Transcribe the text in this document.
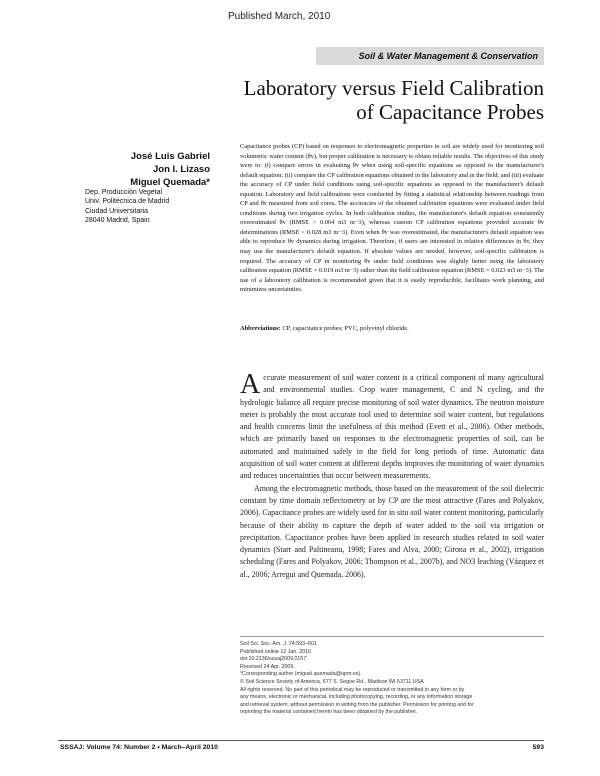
Published March, 2010
Soil & Water Management & Conservation
Laboratory versus Field Calibration
of Capacitance Probes
José Luis Gabriel
Jon I. Lizaso
Miguel Quemada*
Dep. Producción Vegetal
Univ. Politécnica de Madrid
Ciudad Universitaria
28040 Madrid, Spain

Capacitance probes (CP) based on responses to electromagnetic properties in soil are widely used for monitoring soil volumetric water content (θv), but proper calibration is necessary to obtain reliable results. The objectives of this study were to: (i) compare errors in evaluating θv when using soil-specific equations as opposed to the manufacturer's default equation; (ii) compare the CP calibration equations obtained in the laboratory and in the field; and (iii) evaluate the accuracy of CP under field conditions using soil-specific equations as opposed to the manufacturer's default equation. Laboratory and field calibrations were conducted by fitting a statistical relationship between readings from CP and θv measured from soil cores. The accuracies of the obtained calibration equations were evaluated under field conditions during two irrigation cycles. In both calibration studies, the manufacturer's default equation consistently overestimated θv (RMSE > 0.064 m3 m−3), whereas custom CP calibration equations provided accurate θv determinations (RMSE < 0.028 m3 m−3). Even when θv was overestimated, the manufacturer's default equation was able to reproduce θv dynamics during irrigation. Therefore, if users are interested in relative differences in θv, they may use the manufacturer's default equation. If absolute values are needed, however, soil-specific calibration is required. The accuracy of CP in monitoring θv under field conditions was slightly better using the laboratory calibration equation (RMSE = 0.019 m3 m−3) rather than the field calibration equation (RMSE = 0.023 m3 m−3). The use of a laboratory calibration is recommended given that it is easily reproducible, facilitates work planning, and minimizes uncertainties.

Abbreviations: CP, capacitance probes; PVC, polyvinyl chloride.

Accurate measurement of soil water content is a critical component of many agricultural and environmental studies. Crop water management, C and N cycling, and the hydrologic balance all require precise monitoring of soil water dynamics. The neutron moisture meter is probably the most accurate tool used to determine soil water content, but regulations and health concerns limit the usefulness of this method (Evett et al., 2006). Other methods, which are primarily based on responses to the electromagnetic properties of soil, can be automated and maintained safely in the field for long periods of time. Automatic data acquisition of soil water content at different depths improves the monitoring of water dynamics and reduces uncertainties that occur between measurements.

Among the electromagnetic methods, those based on the measurement of the soil dielectric constant by time domain reflectometry or by CP are the most attractive (Fares and Polyakov, 2006). Capacitance probes are widely used for in situ soil water content monitoring, particularly because of their ability to capture the depth of water added to the soil via irrigation or precipitation. Capacitance probes have been applied in research studies related to soil water dynamics (Starr and Paltineanu, 1998; Fares and Alva, 2000; Girona et al., 2002), irrigation scheduling (Fares and Polyakov, 2006; Thompson et al., 2007b), and NO3 leaching (Vázquez et al., 2006; Arregui and Quemada, 2006).

Soil Sci. Soc. Am. J. 74:593–601
Published online 12 Jan. 2010
doi:10.2136/sssaj2009.0157
Received 24 Apr. 2009.
*Corresponding author (miguel.quemada@upm.es).
© Soil Science Society of America, 677 S. Segoe Rd., Madison WI 53711 USA
All rights reserved. No part of this periodical may be reproduced or transmitted in any form or by
any means, electronic or mechanical, including photocopying, recording, or any information storage
and retrieval system, without permission in writing from the publisher. Permission for printing and for
reprinting the material contained herein has been obtained by the publisher.
SSSAJ: Volume 74: Number 2 • March–April 2010	593
